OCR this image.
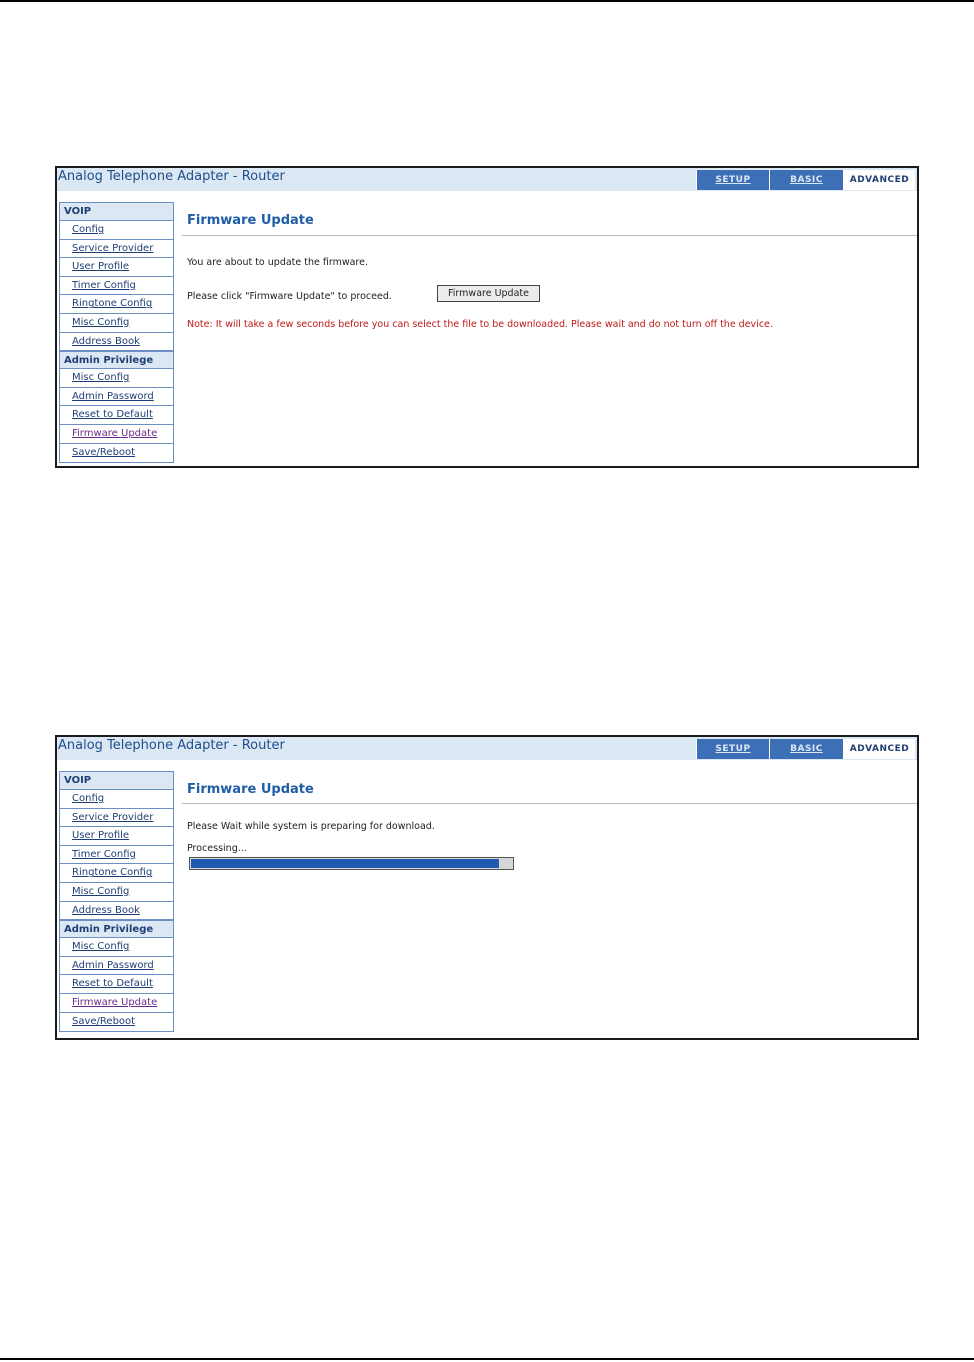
Analog Telephone Adapter - Router	SETUP	BASIC	ADVANCED
VOIP
Config
Service Provider
User Profile
Timer Config
Ringtone Config
Misc Config
Address Book
Admin Privilege
Misc Config
Admin Password
Reset to Default
Firmware Update
Save/Reboot
Firmware Update
You are about to update the firmware.
Please click "Firmware Update" to proceed.	Firmware Update
Note: It will take a few seconds before you can select the file to be downloaded. Please wait and do not turn off the device.
Analog Telephone Adapter - Router	SETUP	BASIC	ADVANCED
VOIP
Config
Service Provider
User Profile
Timer Config
Ringtone Config
Misc Config
Address Book
Admin Privilege
Misc Config
Admin Password
Reset to Default
Firmware Update
Save/Reboot
Firmware Update
Please Wait while system is preparing for download.
Processing...
